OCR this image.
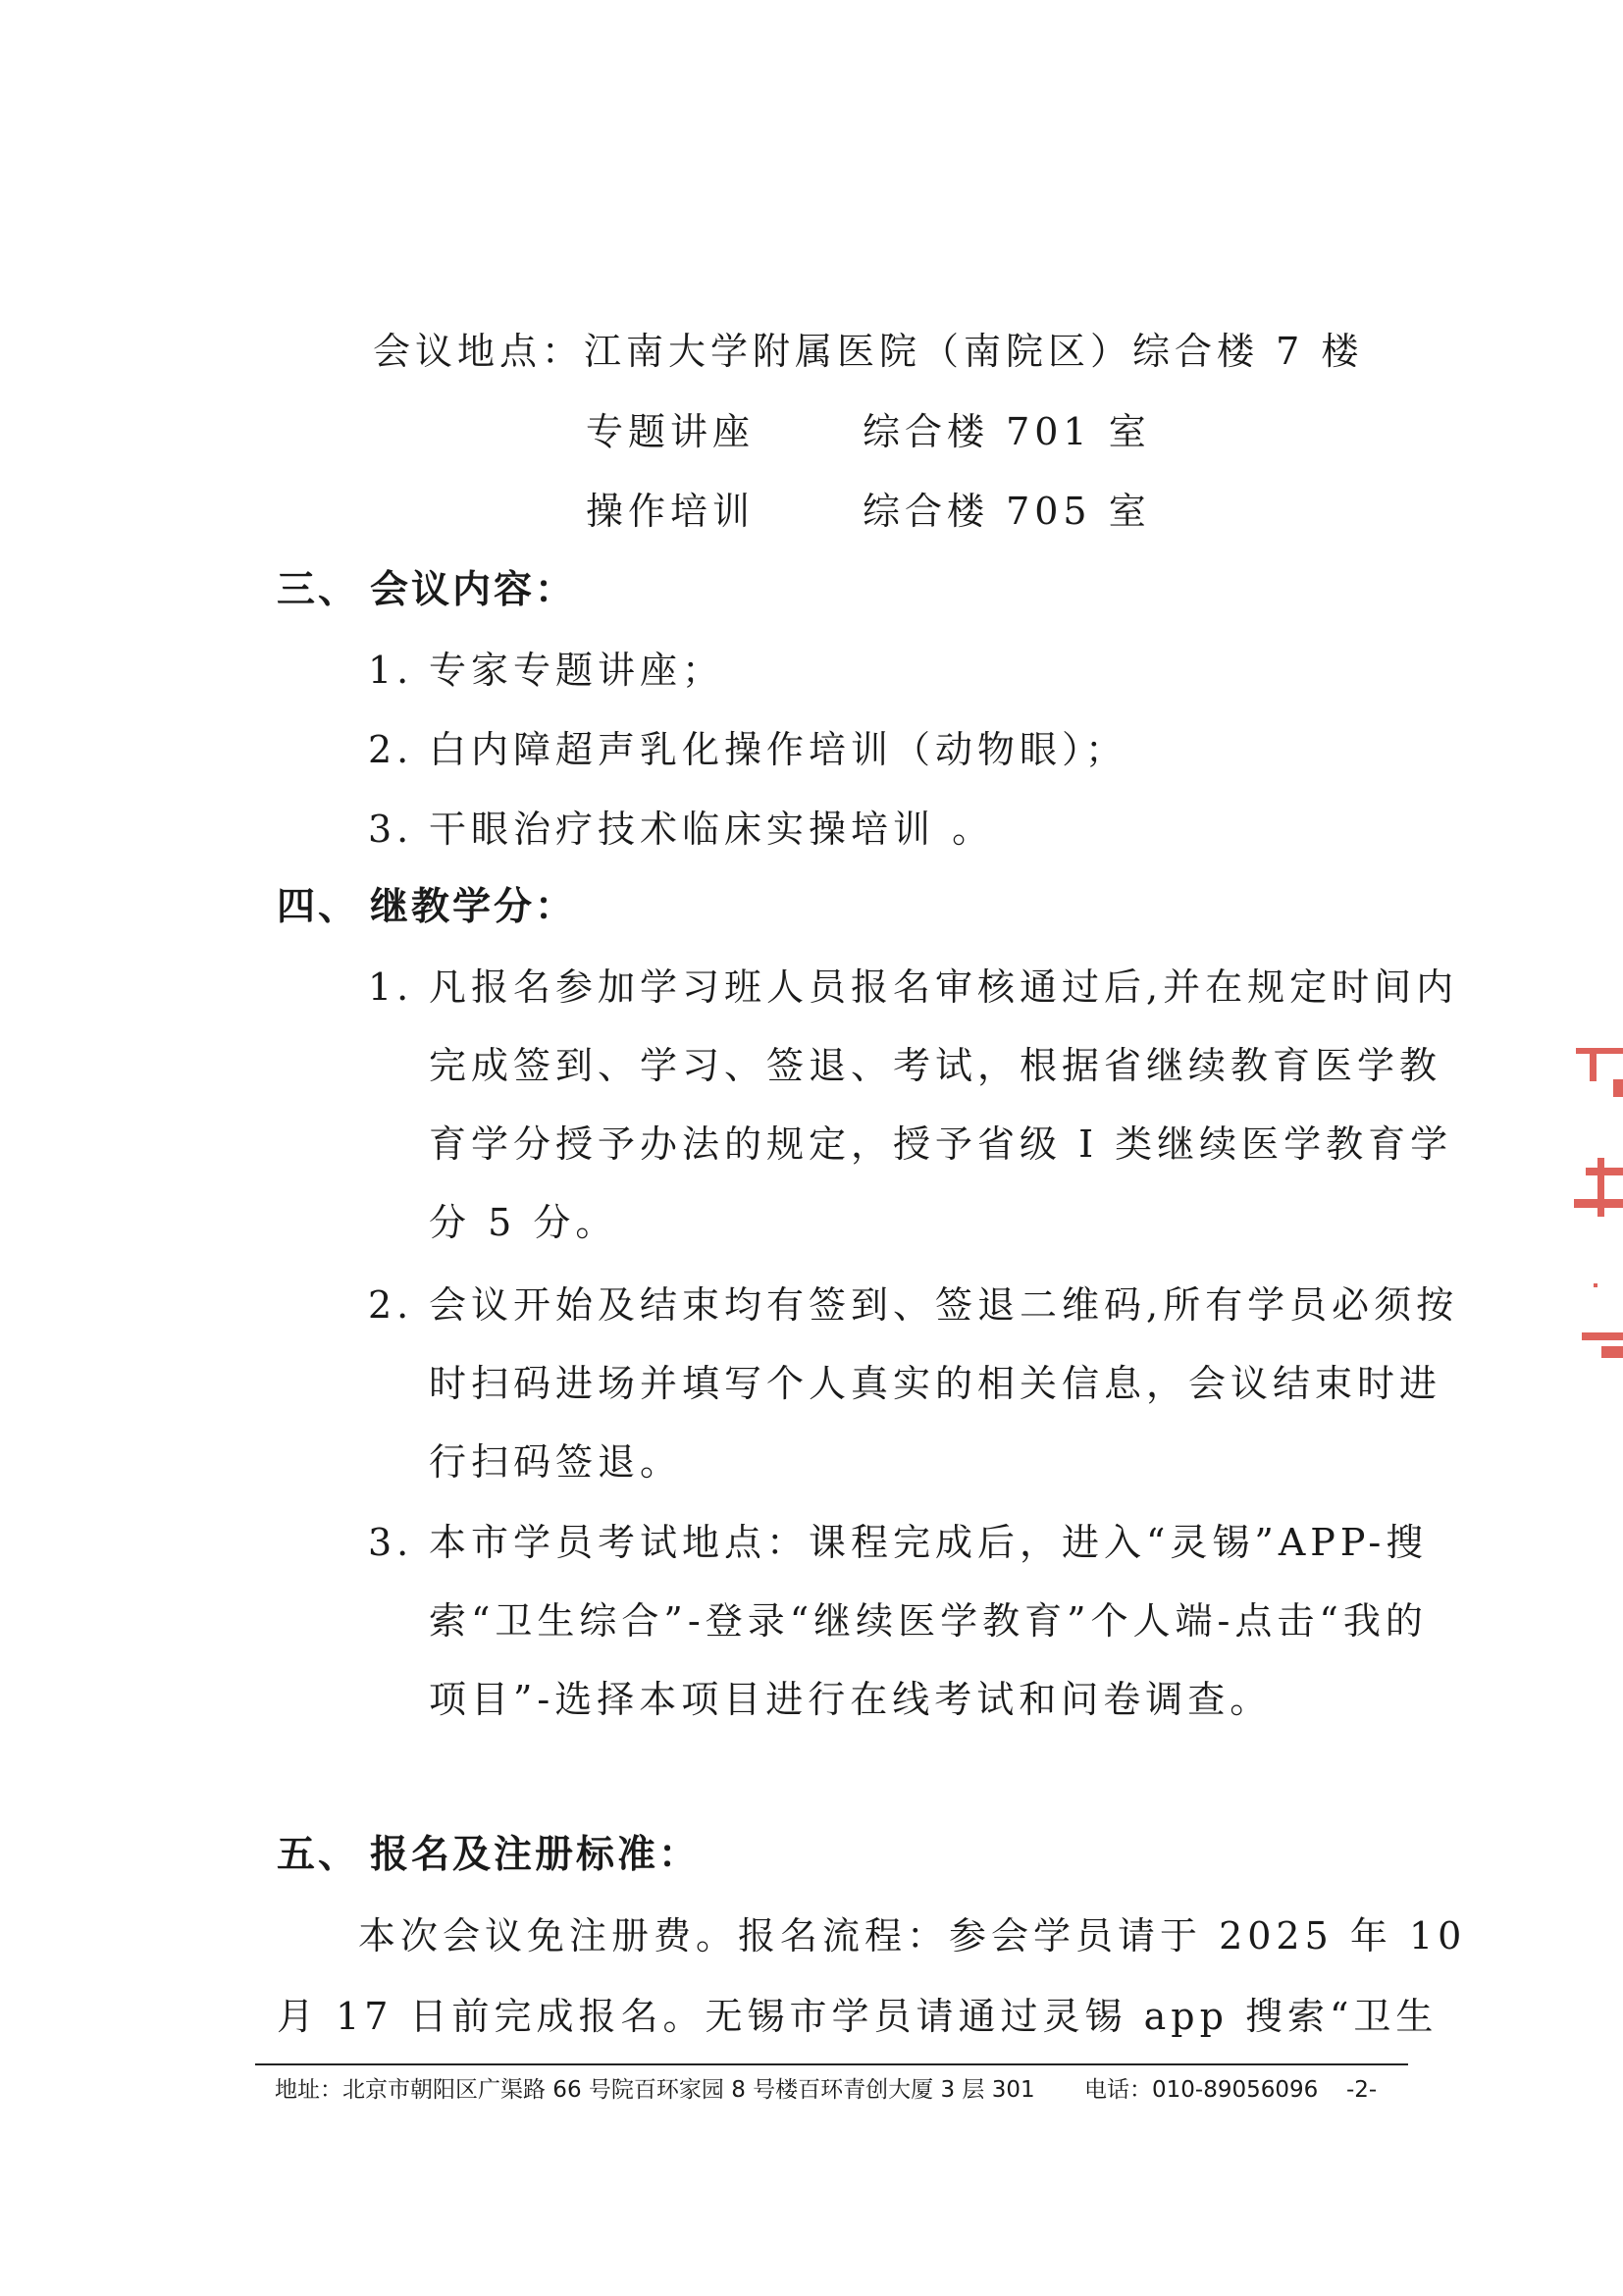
会议地点：江南大学附属医院（南院区）综合楼 7 楼
专题讲座	综合楼 701 室
操作培训	综合楼 705 室
三、 会议内容：
1. 专家专题讲座；
2. 白内障超声乳化操作培训（动物眼）；
3. 干眼治疗技术临床实操培训 。
四、 继教学分：
1. 凡报名参加学习班人员报名审核通过后,并在规定时间内完成签到、学习、签退、考试，根据省继续教育医学教育学分授予办法的规定，授予省级 I 类继续医学教育学分 5 分。
2. 会议开始及结束均有签到、签退二维码,所有学员必须按时扫码进场并填写个人真实的相关信息，会议结束时进行扫码签退。
3. 本市学员考试地点：课程完成后，进入“灵锡”APP-搜索“卫生综合”-登录“继续医学教育”个人端-点击“我的项目”-选择本项目进行在线考试和问卷调查。
五、 报名及注册标准：
本次会议免注册费。报名流程：参会学员请于 2025 年 10
月 17 日前完成报名。无锡市学员请通过灵锡 app 搜索“卫生
地址：北京市朝阳区广渠路 66 号院百环家园 8 号楼百环青创大厦 3 层 301 电话：010-89056096 -2-
